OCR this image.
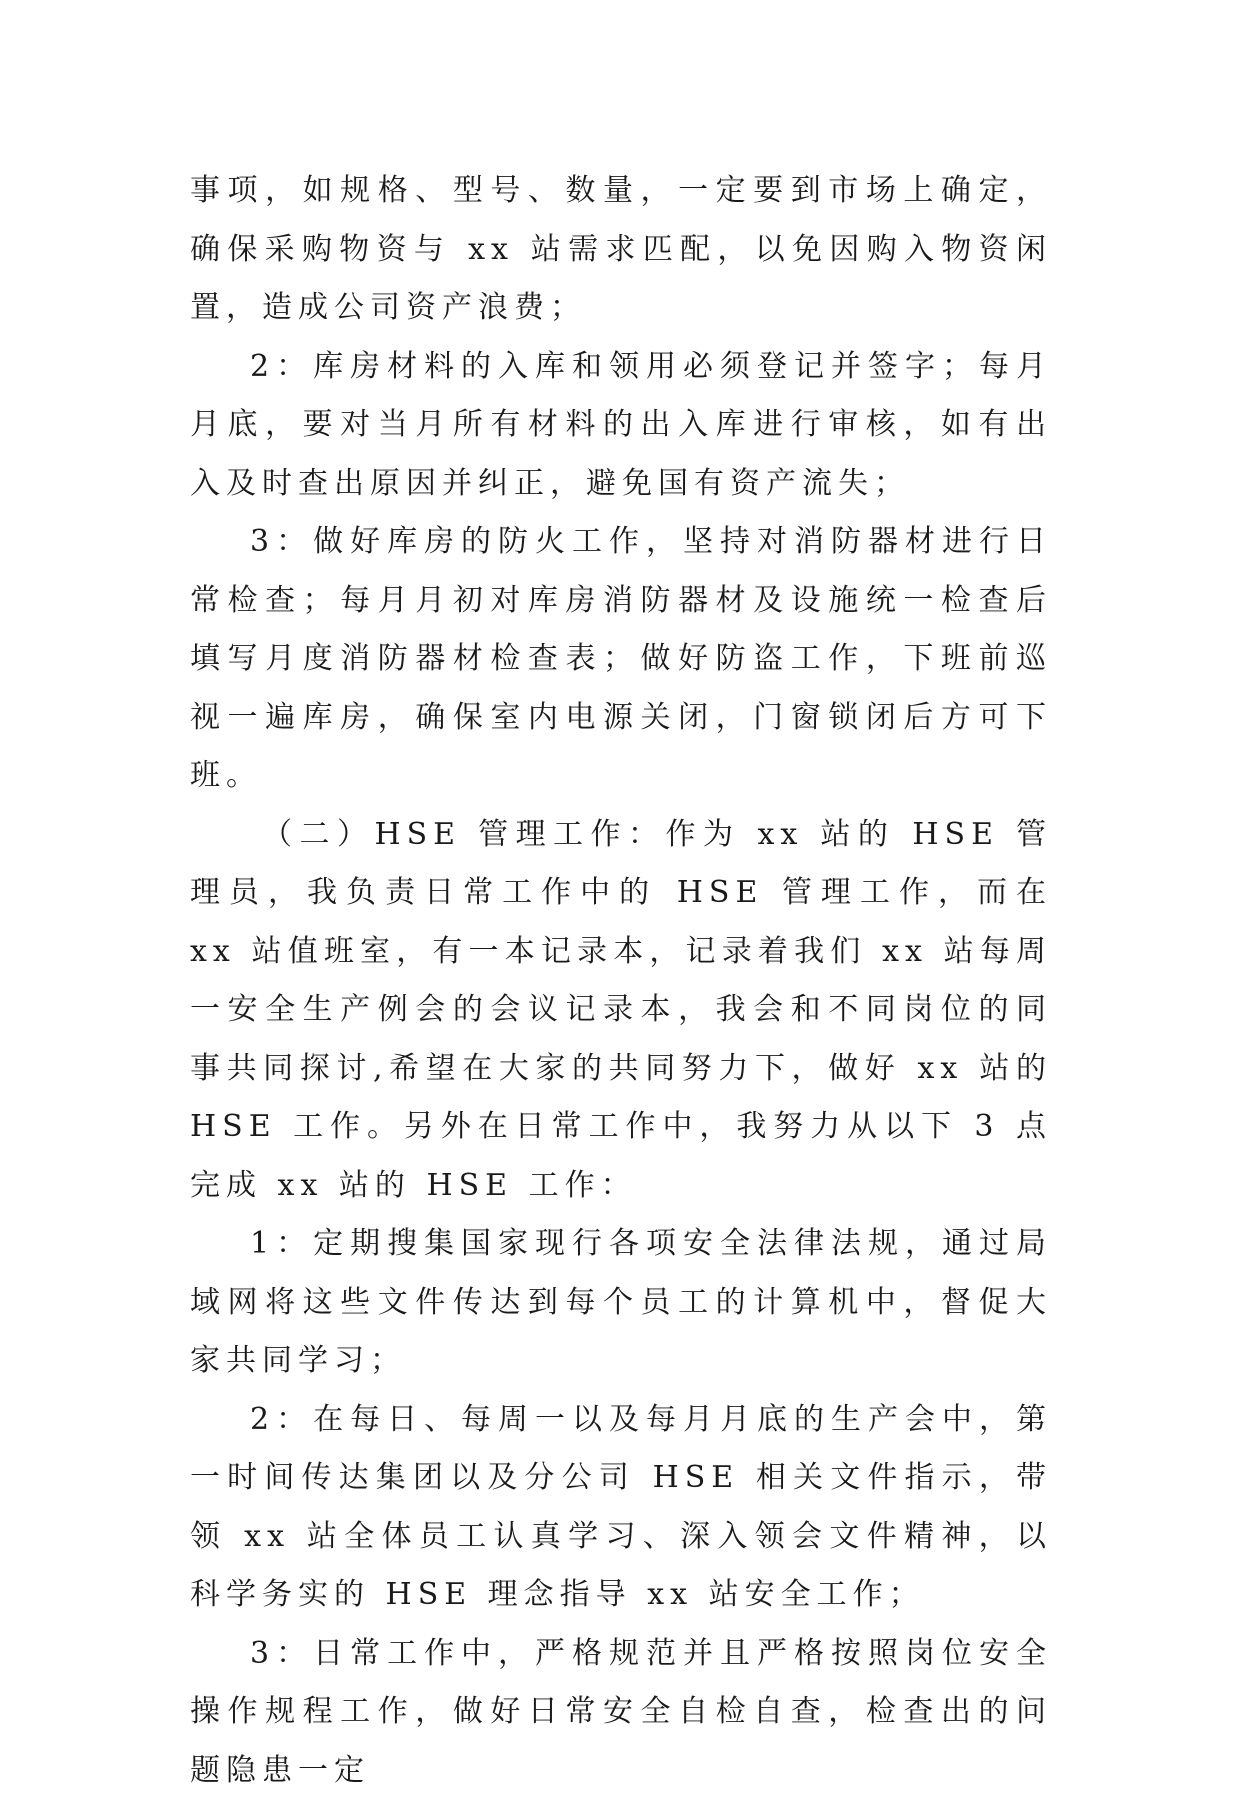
事项，如规格、型号、数量，一定要到市场上确定，确保采购物资与 xx 站需求匹配，以免因购入物资闲置，造成公司资产浪费；

2：库房材料的入库和领用必须登记并签字；每月月底，要对当月所有材料的出入库进行审核，如有出入及时查出原因并纠正，避免国有资产流失；

3：做好库房的防火工作，坚持对消防器材进行日常检查；每月月初对库房消防器材及设施统一检查后填写月度消防器材检查表；做好防盗工作，下班前巡视一遍库房，确保室内电源关闭，门窗锁闭后方可下班。

（二）HSE 管理工作：作为 xx 站的 HSE 管理员，我负责日常工作中的 HSE 管理工作，而在 xx 站值班室，有一本记录本，记录着我们 xx 站每周一安全生产例会的会议记录本，我会和不同岗位的同事共同探讨,希望在大家的共同努力下，做好 xx 站的 HSE 工作。另外在日常工作中，我努力从以下 3 点完成 xx 站的 HSE 工作：

1：定期搜集国家现行各项安全法律法规，通过局域网将这些文件传达到每个员工的计算机中，督促大家共同学习；

2：在每日、每周一以及每月月底的生产会中，第一时间传达集团以及分公司 HSE 相关文件指示，带领 xx 站全体员工认真学习、深入领会文件精神，以科学务实的 HSE 理念指导 xx 站安全工作；

3：日常工作中，严格规范并且严格按照岗位安全操作规程工作，做好日常安全自检自查，检查出的问题隐患一定
